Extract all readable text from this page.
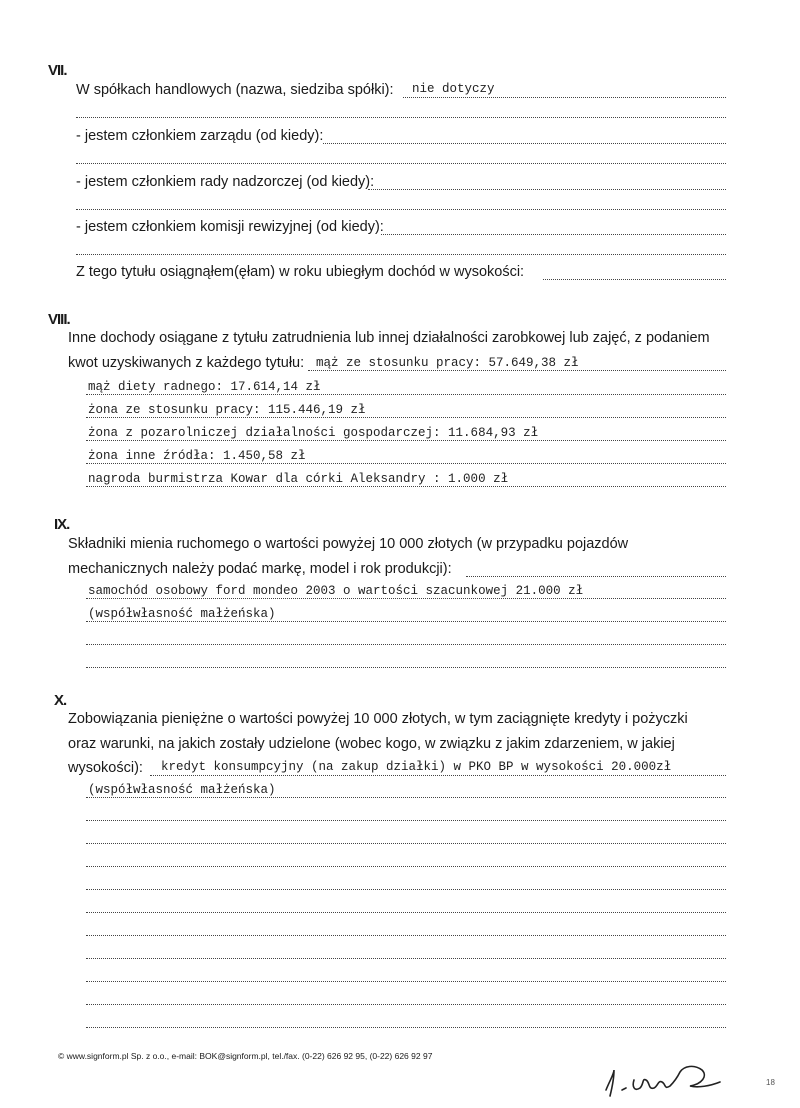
VII.
W spółkach handlowych (nazwa, siedziba spółki): nie dotyczy
- jestem członkiem zarządu (od kiedy):
- jestem członkiem rady nadzorczej (od kiedy):
- jestem członkiem komisji rewizyjnej (od kiedy):
Z tego tytułu osiągnąłem(ęłam) w roku ubiegłym dochód w wysokości:
VIII.
Inne dochody osiągane z tytułu zatrudnienia lub innej działalności zarobkowej lub zajęć, z podaniem
kwot uzyskiwanych z każdego tytułu: mąż ze stosunku pracy: 57.649,38 zł
mąż diety radnego: 17.614,14 zł
żona ze stosunku pracy: 115.446,19 zł
żona z pozarolniczej działalności gospodarczej: 11.684,93 zł
żona inne źródła: 1.450,58 zł
nagroda burmistrza Kowar dla córki Aleksandry : 1.000 zł
IX.
Składniki mienia ruchomego o wartości powyżej 10 000 złotych (w przypadku pojazdów
mechanicznych należy podać markę, model i rok produkcji):
samochód osobowy ford mondeo 2003 o wartości szacunkowej 21.000 zł
(współwłasność małżeńska)
X.
Zobowiązania pieniężne o wartości powyżej 10 000 złotych, w tym zaciągnięte kredyty i pożyczki
oraz warunki, na jakich zostały udzielone (wobec kogo, w związku z jakim zdarzeniem, w jakiej
wysokości): kredyt konsumpcyjny (na zakup działki) w PKO BP w wysokości 20.000zł
(współwłasność małżeńska)
© www.signform.pl Sp. z o.o., e-mail: BOK@signform.pl, tel./fax. (0-22) 626 92 95, (0-22) 626 92 97
18
